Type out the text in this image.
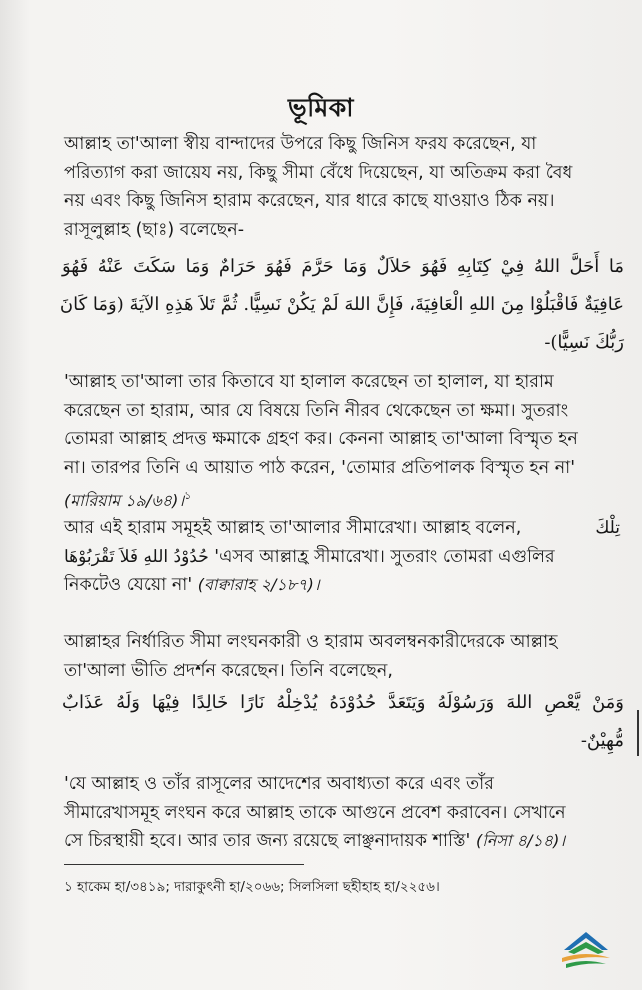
ভূমিকা

আল্লাহ তা'আলা স্বীয় বান্দাদের উপরে কিছু জিনিস ফরয করেছেন, যা

পরিত্যাগ করা জায়েয নয়, কিছু সীমা বেঁধে দিয়েছেন, যা অতিক্রম করা বৈধ

নয় এবং কিছু জিনিস হারাম করেছেন, যার ধারে কাছে যাওয়াও ঠিক নয়।

রাসূলুল্লাহ (ছাঃ) বলেছেন-

مَا أَحَلَّ اللهُ فِيْ كِتَابِهِ فَهُوَ حَلاَلٌ وَمَا حَرَّمَ فَهُوَ حَرَامٌ وَمَا سَكَتَ عَنْهُ فَهُوَ

عَافِيَةٌ فَاقْبَلُوْا مِنَ اللهِ الْعَافِيَةَ، فَإِنَّ اللهَ لَمْ يَكُنْ نَسِيًّا. ثُمَّ تَلاَ هَذِهِ الآيَةَ (وَمَا كَانَ

رَبُّكَ نَسِيًّا)-

'আল্লাহ তা'আলা তার কিতাবে যা হালাল করেছেন তা হালাল, যা হারাম

করেছেন তা হারাম, আর যে বিষয়ে তিনি নীরব থেকেছেন তা ক্ষমা। সুতরাং

তোমরা আল্লাহ প্রদত্ত ক্ষমাকে গ্রহণ কর। কেননা আল্লাহ তা'আলা বিস্মৃত হন

না। তারপর তিনি এ আয়াত পাঠ করেন, 'তোমার প্রতিপালক বিস্মৃত হন না'

(মারিয়াম ১৯/৬৪)।$^১$

আর এই হারাম সমূহই আল্লাহ তা'আলার সীমারেখা। আল্লাহ বলেন,	تِلْكَ

حُدُوْدُ اللهِ فَلاَ تَقْرَبُوْهَا 'এসব আল্লাহ্র সীমারেখা। সুতরাং তোমরা এগুলির

নিকটেও যেয়ো না' (বাক্বারাহ ২/১৮৭)।

আল্লাহর নির্ধারিত সীমা লংঘনকারী ও হারাম অবলম্বনকারীদেরকে আল্লাহ

তা'আলা ভীতি প্রদর্শন করেছেন। তিনি বলেছেন,

وَمَنْ يَّعْصِ اللهَ وَرَسُوْلَهُ وَيَتَعَدَّ حُدُوْدَهُ يُدْخِلْهُ نَارًا خَالِدًا فِيْهَا وَلَهُ عَذَابٌ

مُّهِيْنٌ-

'যে আল্লাহ ও তাঁর রাসূলের আদেশের অবাধ্যতা করে এবং তাঁর

সীমারেখাসমূহ লংঘন করে আল্লাহ তাকে আগুনে প্রবেশ করাবেন। সেখানে

সে চিরস্থায়ী হবে। আর তার জন্য রয়েছে লাঞ্ছনাদায়ক শাস্তি' (নিসা ৪/১৪)।

১ হাকেম হা/৩৪১৯; দারাকুৎনী হা/২০৬৬; সিলসিলা ছহীহাহ হা/২২৫৬।
